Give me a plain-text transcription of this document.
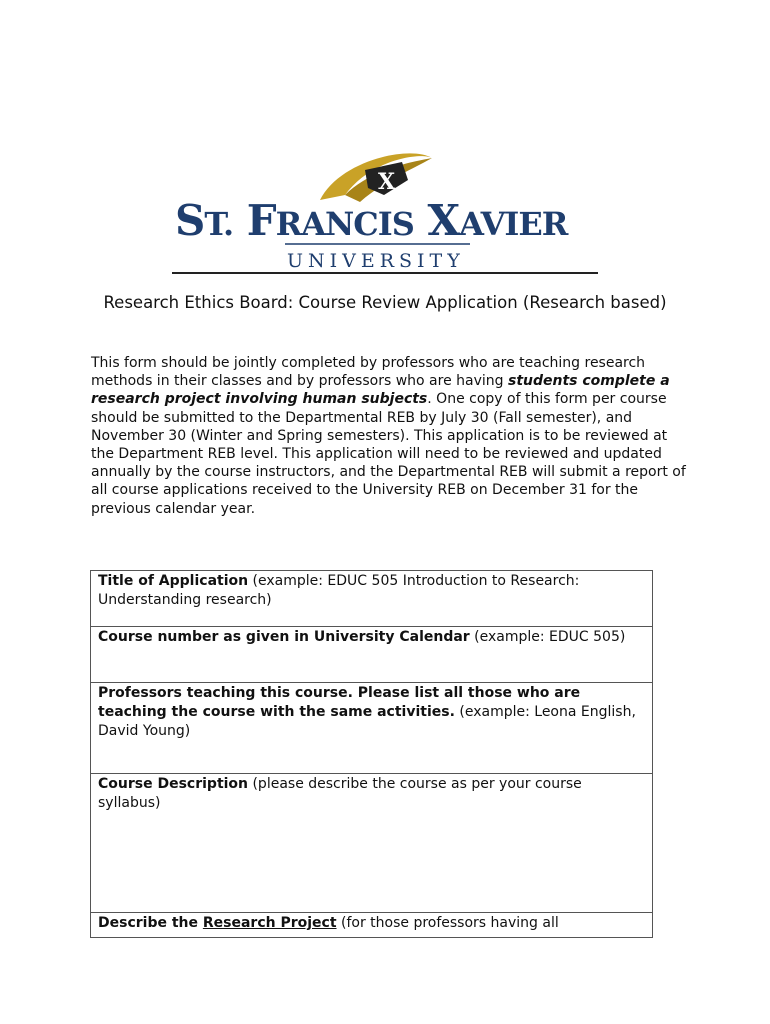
X
ST. FRANCIS XAVIER
UNIVERSITY
Research Ethics Board: Course Review Application (Research based)
This form should be jointly completed by professors who are teaching research methods in their classes and by professors who are having students complete a research project involving human subjects. One copy of this form per course should be submitted to the Departmental REB by July 30 (Fall semester), and November 30 (Winter and Spring semesters). This application is to be reviewed at the Department REB level. This application will need to be reviewed and updated annually by the course instructors, and the Departmental REB will submit a report of all course applications received to the University REB on December 31 for the previous calendar year.
Title of Application (example: EDUC 505 Introduction to Research: Understanding research)
Course number as given in University Calendar (example: EDUC 505)
Professors teaching this course. Please list all those who are teaching the course with the same activities. (example: Leona English, David Young)
Course Description (please describe the course as per your course syllabus)
Describe the Research Project (for those professors having all
